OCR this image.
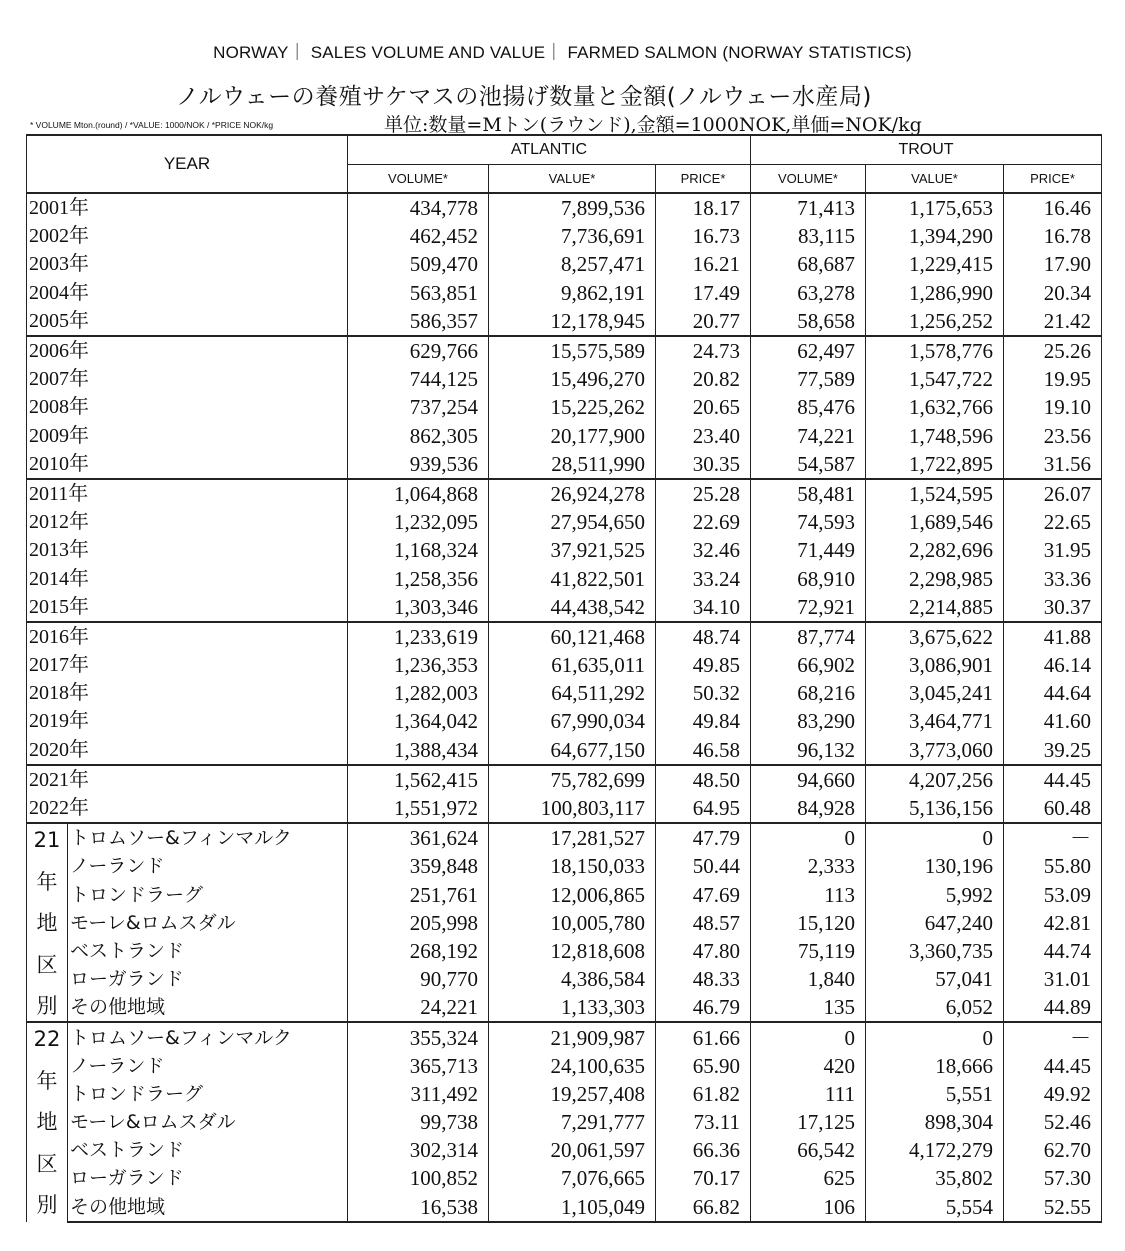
NORWAY｜ SALES VOLUME AND VALUE｜ FARMED SALMON (NORWAY STATISTICS)
ノルウェーの養殖サケマスの池揚げ数量と金額(ノルウェー水産局)
* VOLUME Mton.(round) / *VALUE: 1000/NOK / *PRICE NOK/kg	単位:数量=Mトン(ラウンド),金額=1000NOK,単価=NOK/kg
YEAR		ATLANTIC			TROUT		
		VOLUME*	VALUE*	PRICE*	VOLUME*	VALUE*	PRICE*
2001年		434,778	7,899,536	18.17	71,413	1,175,653	16.46
2002年		462,452	7,736,691	16.73	83,115	1,394,290	16.78
2003年		509,470	8,257,471	16.21	68,687	1,229,415	17.90
2004年		563,851	9,862,191	17.49	63,278	1,286,990	20.34
2005年		586,357	12,178,945	20.77	58,658	1,256,252	21.42
2006年		629,766	15,575,589	24.73	62,497	1,578,776	25.26
2007年		744,125	15,496,270	20.82	77,589	1,547,722	19.95
2008年		737,254	15,225,262	20.65	85,476	1,632,766	19.10
2009年		862,305	20,177,900	23.40	74,221	1,748,596	23.56
2010年		939,536	28,511,990	30.35	54,587	1,722,895	31.56
2011年		1,064,868	26,924,278	25.28	58,481	1,524,595	26.07
2012年		1,232,095	27,954,650	22.69	74,593	1,689,546	22.65
2013年		1,168,324	37,921,525	32.46	71,449	2,282,696	31.95
2014年		1,258,356	41,822,501	33.24	68,910	2,298,985	33.36
2015年		1,303,346	44,438,542	34.10	72,921	2,214,885	30.37
2016年		1,233,619	60,121,468	48.74	87,774	3,675,622	41.88
2017年		1,236,353	61,635,011	49.85	66,902	3,086,901	46.14
2018年		1,282,003	64,511,292	50.32	68,216	3,045,241	44.64
2019年		1,364,042	67,990,034	49.84	83,290	3,464,771	41.60
2020年		1,388,434	64,677,150	46.58	96,132	3,773,060	39.25
2021年		1,562,415	75,782,699	48.50	94,660	4,207,256	44.45
2022年		1,551,972	100,803,117	64.95	84,928	5,136,156	60.48

21
年
地
区
別	トロムソー&フィンマルク	361,624	17,281,527	47.79	0	0	－
	ノーランド	359,848	18,150,033	50.44	2,333	130,196	55.80
	トロンドラーグ	251,761	12,006,865	47.69	113	5,992	53.09
	モーレ&ロムスダル	205,998	10,005,780	48.57	15,120	647,240	42.81
	ベストランド	268,192	12,818,608	47.80	75,119	3,360,735	44.74
	ローガランド	90,770	4,386,584	48.33	1,840	57,041	31.01
	その他地域	24,221	1,133,303	46.79	135	6,052	44.89

22
年
地
区
別	トロムソー&フィンマルク	355,324	21,909,987	61.66	0	0	－
	ノーランド	365,713	24,100,635	65.90	420	18,666	44.45
	トロンドラーグ	311,492	19,257,408	61.82	111	5,551	49.92
	モーレ&ロムスダル	99,738	7,291,777	73.11	17,125	898,304	52.46
	ベストランド	302,314	20,061,597	66.36	66,542	4,172,279	62.70
	ローガランド	100,852	7,076,665	70.17	625	35,802	57.30
	その他地域	16,538	1,105,049	66.82	106	5,554	52.55
